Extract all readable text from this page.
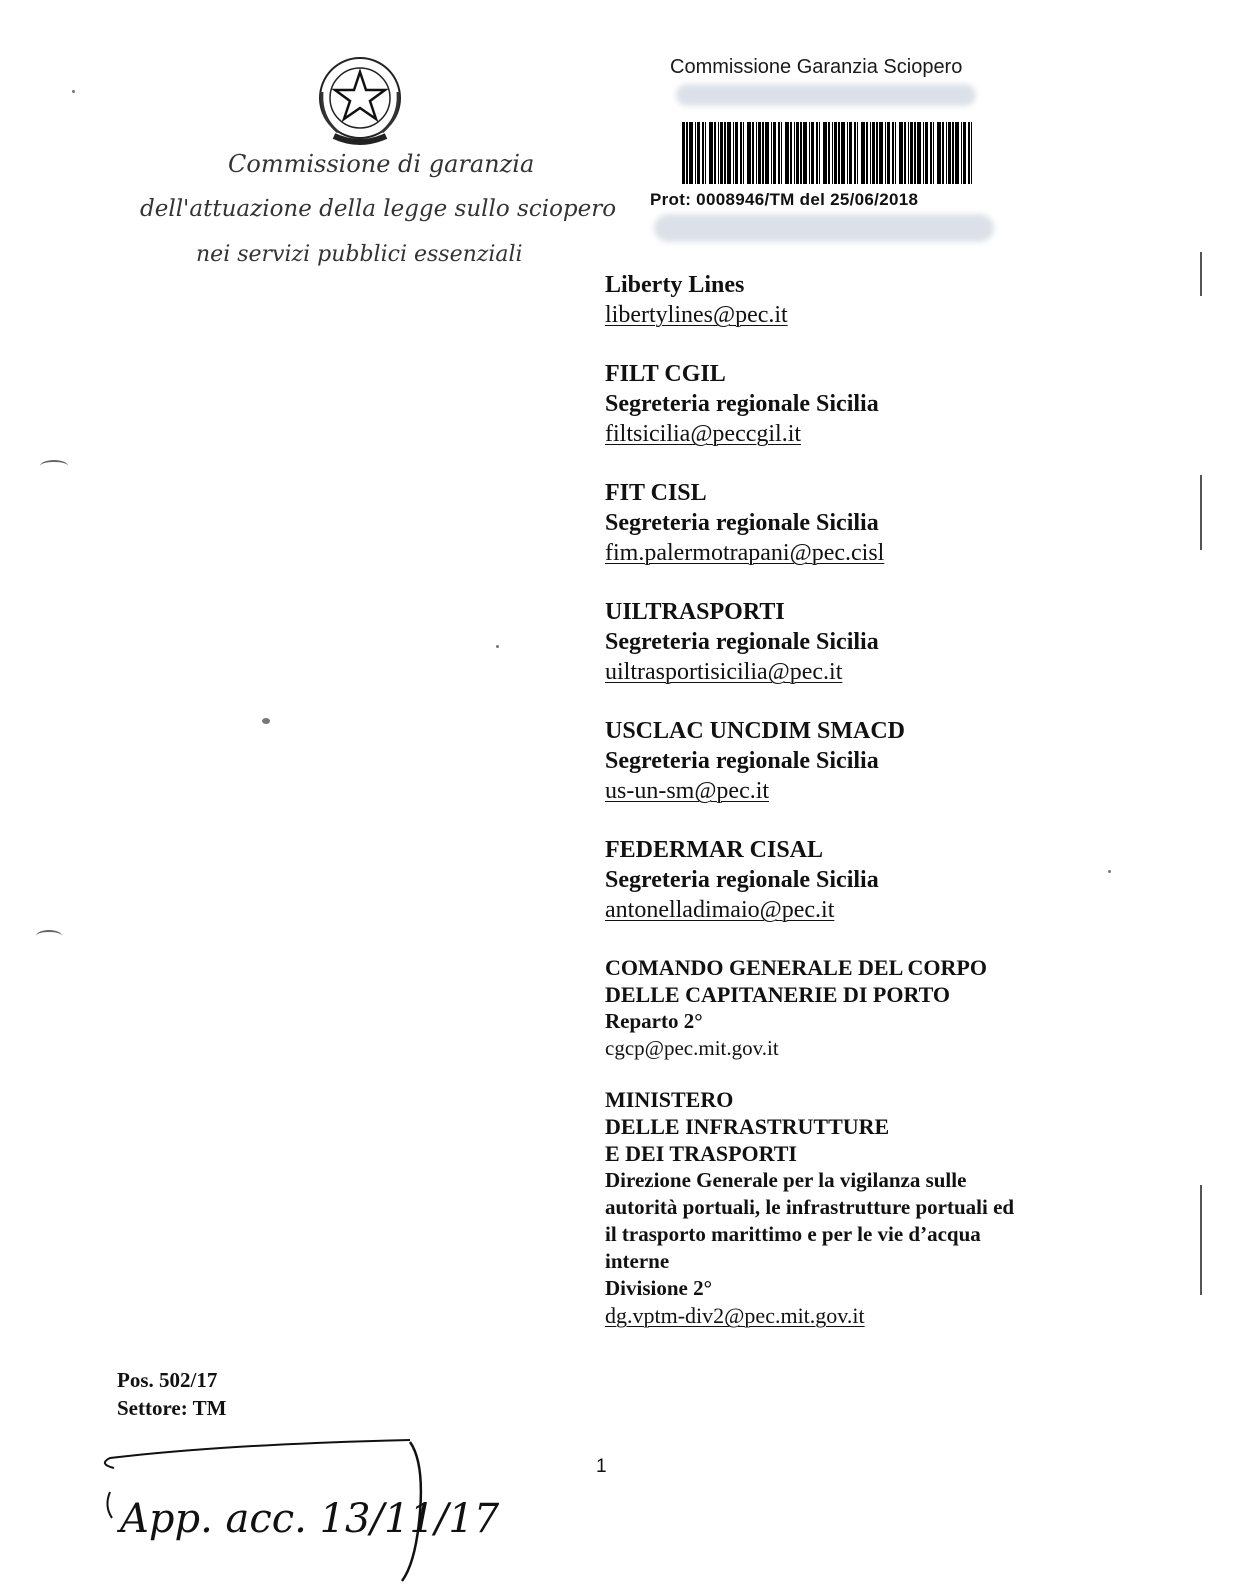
Commissione di garanzia
dell'attuazione della legge sullo sciopero
nei servizi pubblici essenziali
Commissione Garanzia Sciopero
Prot: 0008946/TM del 25/06/2018
Liberty Lines
libertylines@pec.it
FILT CGIL
Segreteria regionale Sicilia
filtsicilia@peccgil.it
FIT CISL
Segreteria regionale Sicilia
fim.palermotrapani@pec.cisl
UILTRASPORTI
Segreteria regionale Sicilia
uiltrasportisicilia@pec.it
USCLAC UNCDIM SMACD
Segreteria regionale Sicilia
us-un-sm@pec.it
FEDERMAR CISAL
Segreteria regionale Sicilia
antonelladimaio@pec.it
COMANDO GENERALE DEL CORPO
DELLE CAPITANERIE DI PORTO
Reparto 2°
cgcp@pec.mit.gov.it
MINISTERO
DELLE INFRASTRUTTURE
E DEI TRASPORTI
Direzione Generale per la vigilanza sulle
autorità portuali, le infrastrutture portuali ed
il trasporto marittimo e per le vie d’acqua
interne
Divisione 2°
dg.vptm-div2@pec.mit.gov.it
Pos. 502/17
Settore: TM
1
App. acc. 13/11/17
